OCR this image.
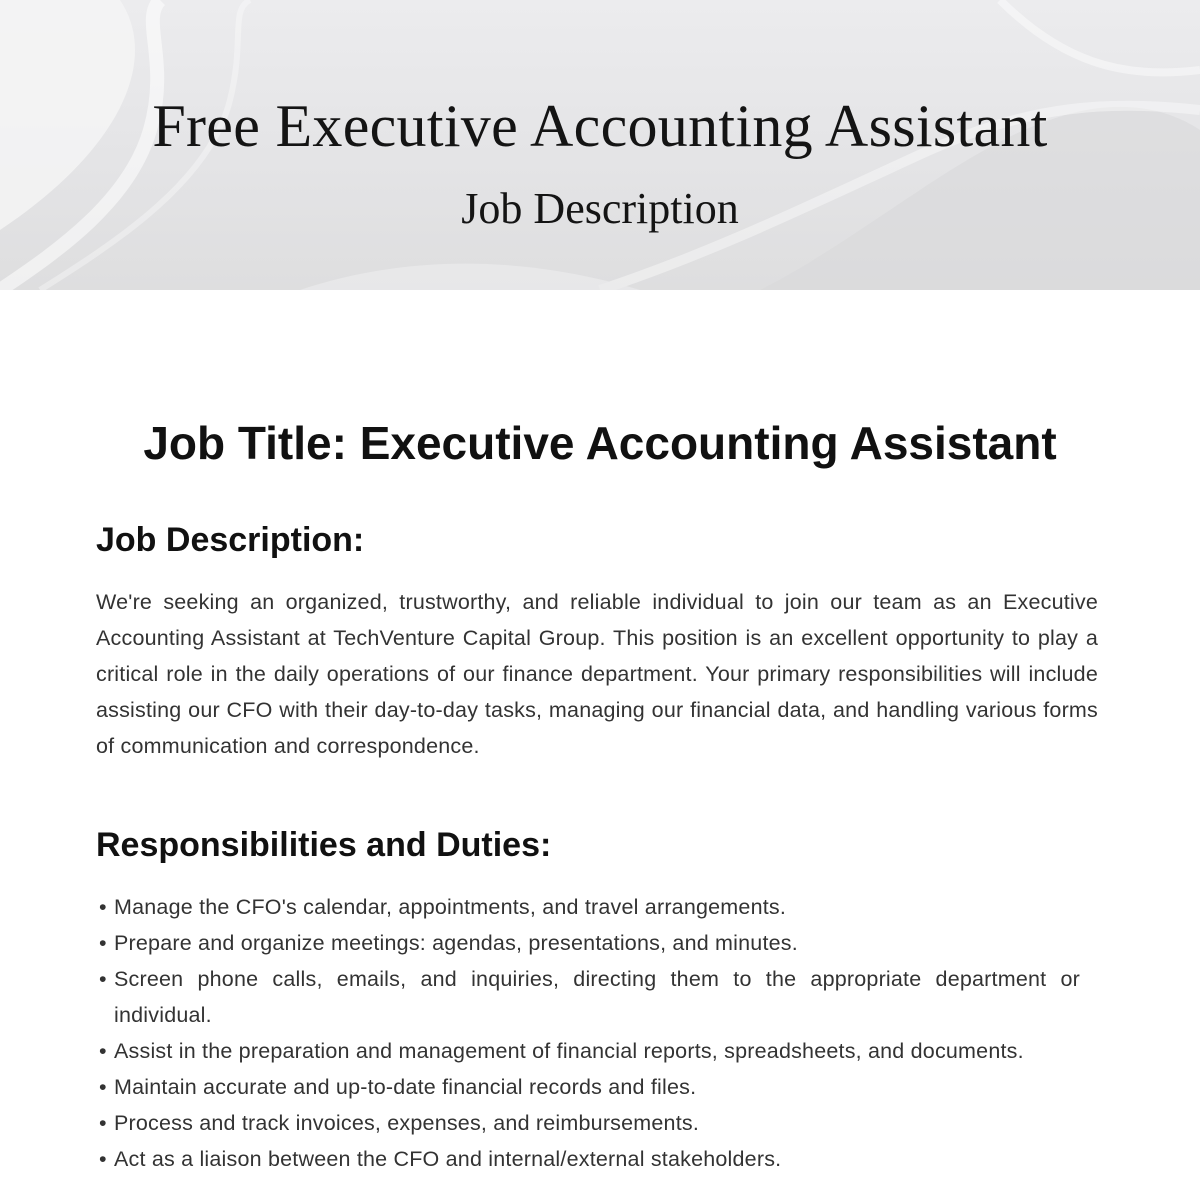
Free Executive Accounting Assistant
Job Description
Job Title: Executive Accounting Assistant
Job Description:

We're seeking an organized, trustworthy, and reliable individual to join our team as an Executive Accounting Assistant at TechVenture Capital Group. This position is an excellent opportunity to play a critical role in the daily operations of our finance department. Your primary responsibilities will include assisting our CFO with their day-to-day tasks, managing our financial data, and handling various forms of communication and correspondence.

Responsibilities and Duties:
• Manage the CFO's calendar, appointments, and travel arrangements.
• Prepare and organize meetings: agendas, presentations, and minutes.
• Screen phone calls, emails, and inquiries, directing them to the appropriate department or individual.
• Assist in the preparation and management of financial reports, spreadsheets, and documents.
• Maintain accurate and up-to-date financial records and files.
• Process and track invoices, expenses, and reimbursements.
• Act as a liaison between the CFO and internal/external stakeholders.
